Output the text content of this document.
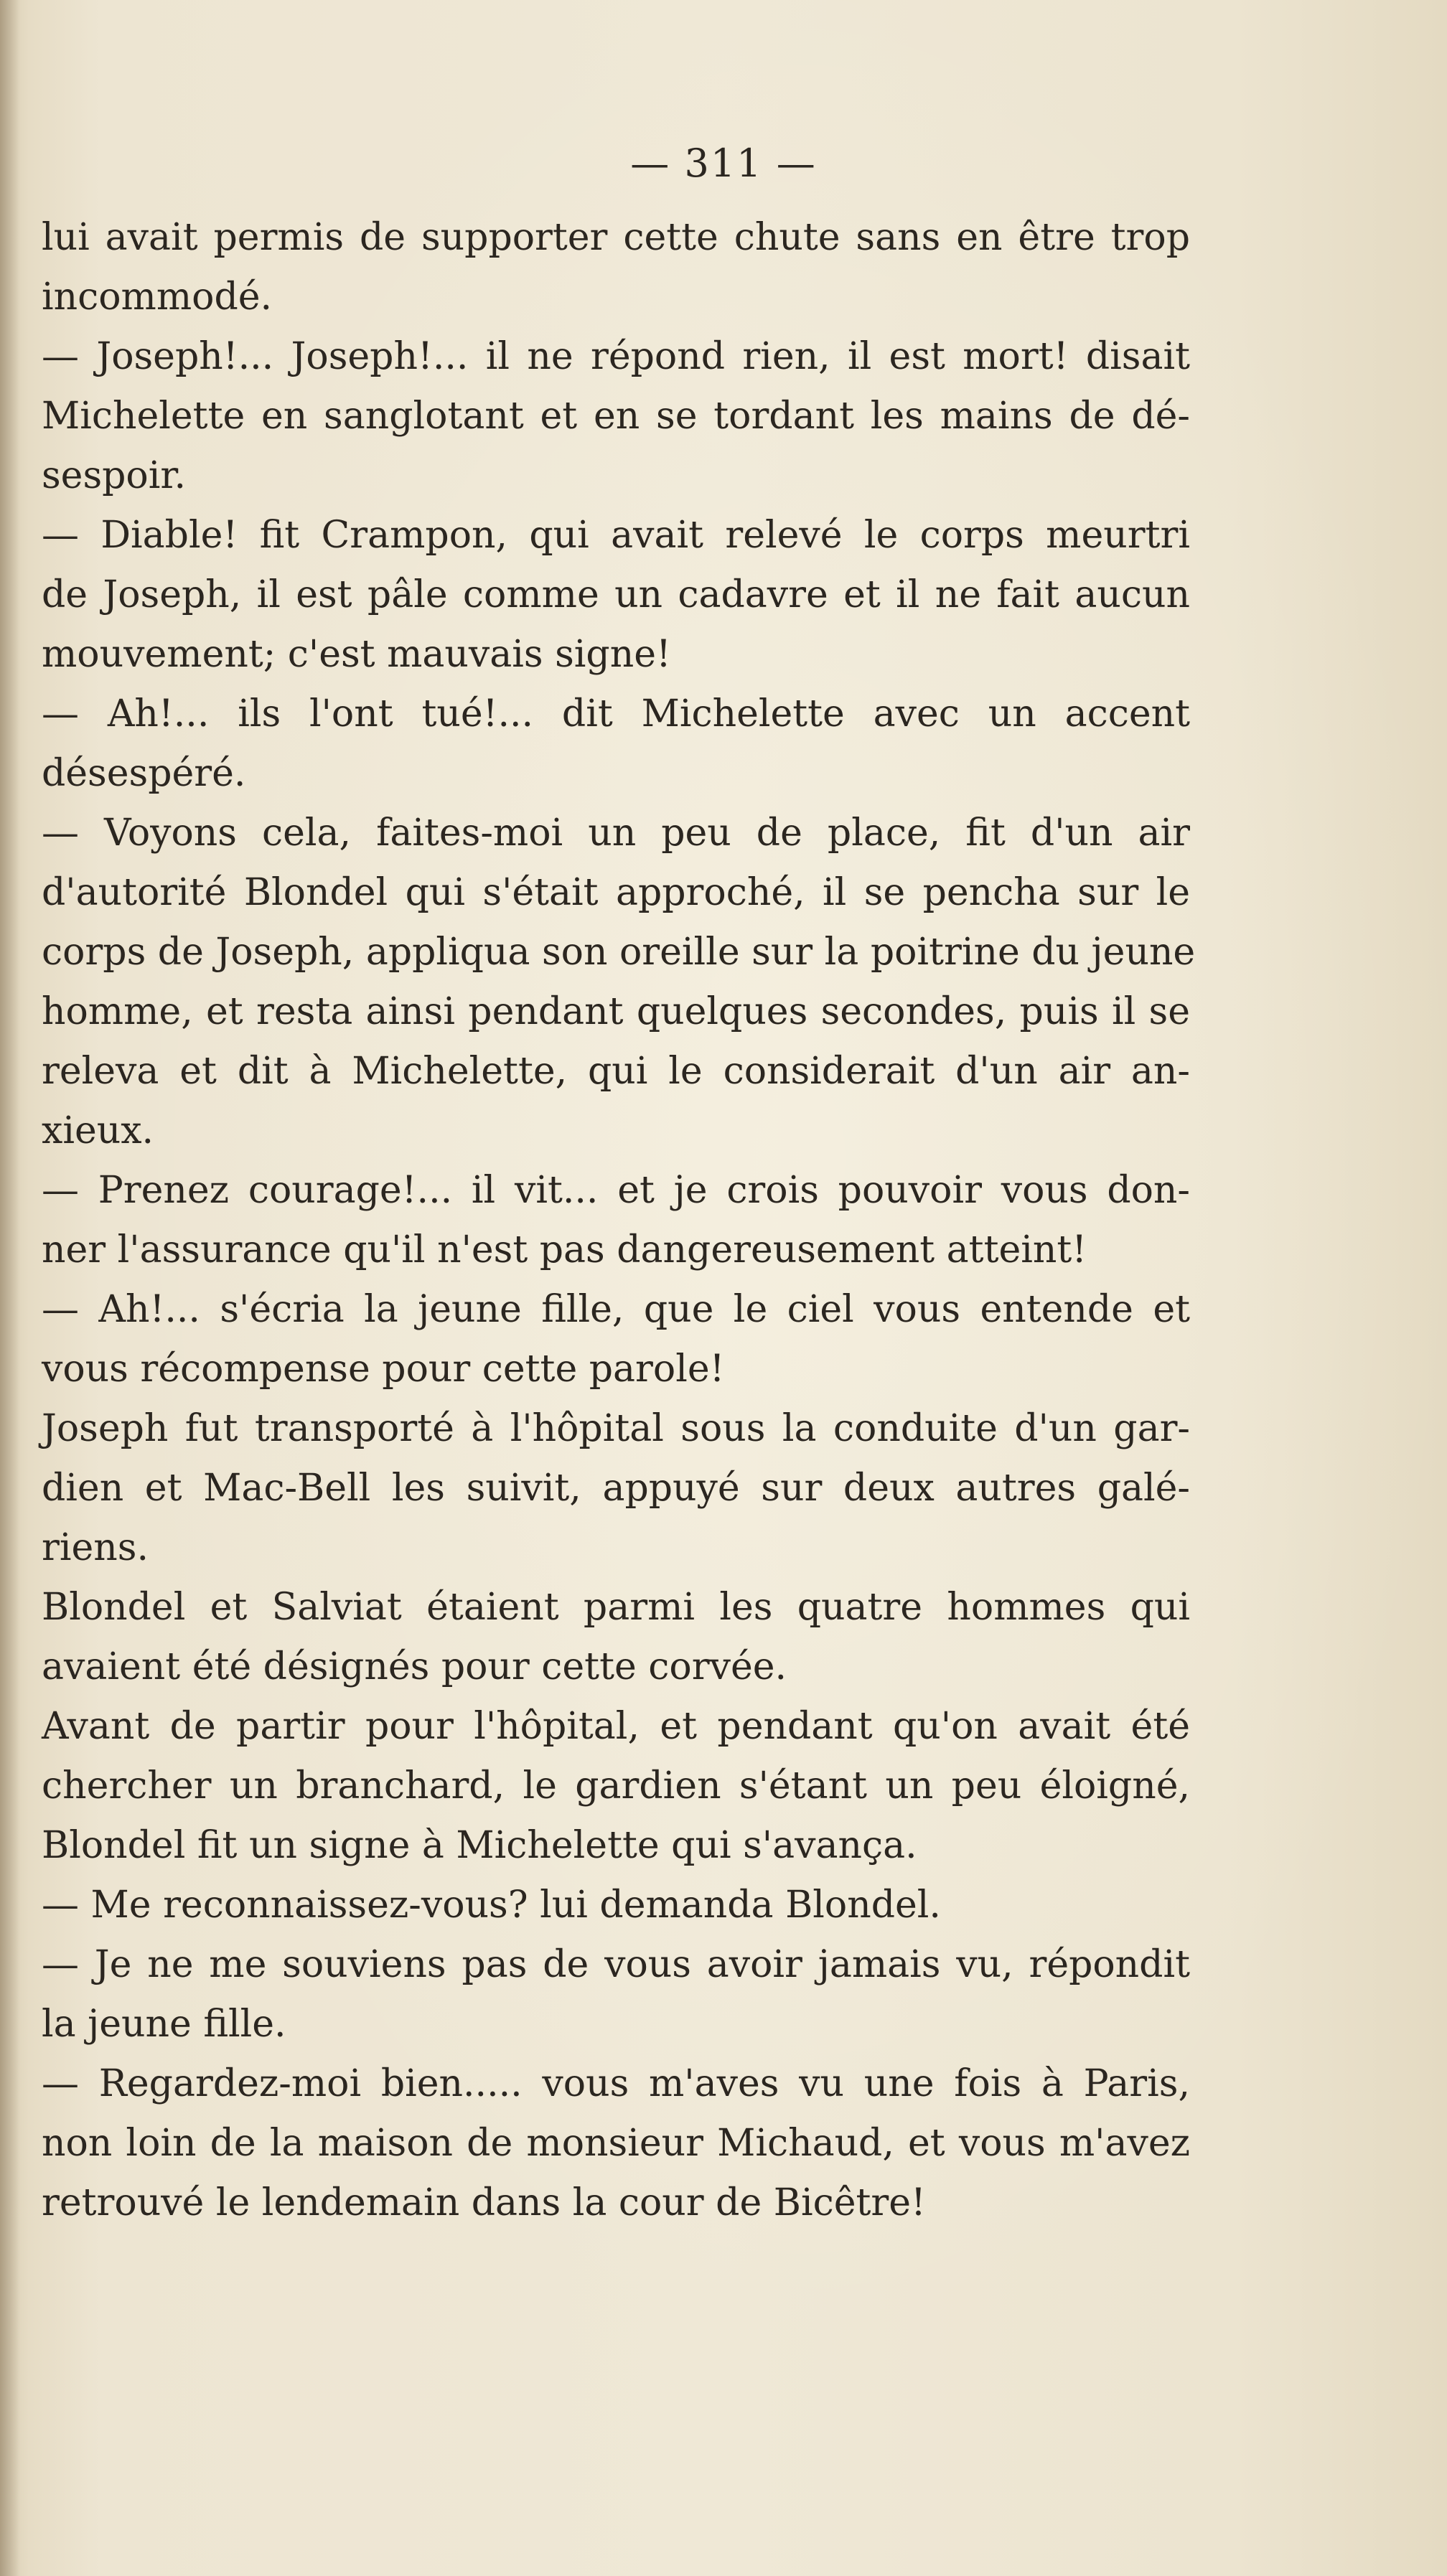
— 311 —
lui avait permis de supporter cette chute sans en être trop
incommodé.
— Joseph!... Joseph!... il ne répond rien, il est mort! disait
Michelette en sanglotant et en se tordant les mains de dé-
sespoir.
— Diable! fit Crampon, qui avait relevé le corps meurtri
de Joseph, il est pâle comme un cadavre et il ne fait aucun
mouvement; c'est mauvais signe!
— Ah!... ils l'ont tué!... dit Michelette avec un accent
désespéré.
— Voyons cela, faites-moi un peu de place, fit d'un air
d'autorité Blondel qui s'était approché, il se pencha sur le
corps de Joseph, appliqua son oreille sur la poitrine du jeune
homme, et resta ainsi pendant quelques secondes, puis il se
releva et dit à Michelette, qui le considerait d'un air an-
xieux.
— Prenez courage!... il vit... et je crois pouvoir vous don-
ner l'assurance qu'il n'est pas dangereusement atteint!
— Ah!... s'écria la jeune fille, que le ciel vous entende et
vous récompense pour cette parole!
Joseph fut transporté à l'hôpital sous la conduite d'un gar-
dien et Mac-Bell les suivit, appuyé sur deux autres galé-
riens.
Blondel et Salviat étaient parmi les quatre hommes qui
avaient été désignés pour cette corvée.
Avant de partir pour l'hôpital, et pendant qu'on avait été
chercher un branchard, le gardien s'étant un peu éloigné,
Blondel fit un signe à Michelette qui s'avança.
— Me reconnaissez-vous? lui demanda Blondel.
— Je ne me souviens pas de vous avoir jamais vu, répondit
la jeune fille.
— Regardez-moi bien..... vous m'aves vu une fois à Paris,
non loin de la maison de monsieur Michaud, et vous m'avez
retrouvé le lendemain dans la cour de Bicêtre!
